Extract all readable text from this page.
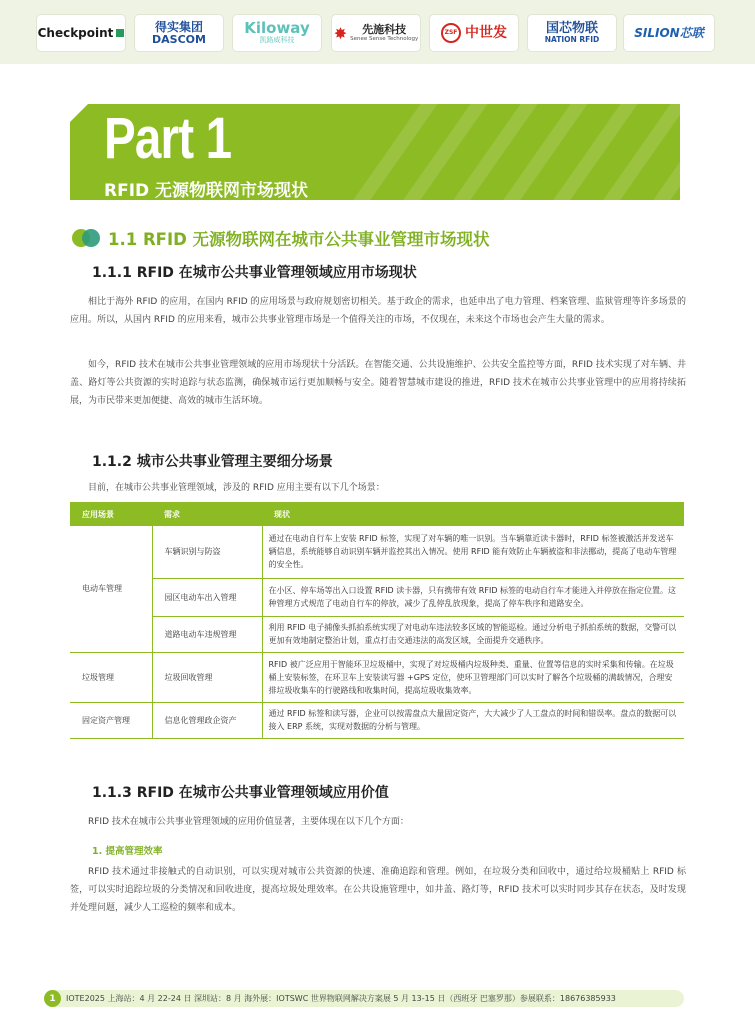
Checkpoint	得实集团
DASCOM
Kiloway
凯路威科技 ✸ 先施科技
Senee Sense Technology
ZSF 中世发	国芯物联
NATION RFID	SILION芯联
Part 1
RFID 无源物联网市场现状
1.1 RFID 无源物联网在城市公共事业管理市场现状
1.1.1 RFID 在城市公共事业管理领域应用市场现状
相比于海外 RFID 的应用，在国内 RFID 的应用场景与政府规划密切相关。基于政企的需求，也延申出了电力管理、档案管理、监狱管理等许多场景的应用。所以，从国内 RFID 的应用来看，城市公共事业管理市场是一个值得关注的市场，不仅现在，未来这个市场也会产生大量的需求。
如今，RFID 技术在城市公共事业管理领域的应用市场现状十分活跃。在智能交通、公共设施维护、公共安全监控等方面，RFID 技术实现了对车辆、井盖、路灯等公共资源的实时追踪与状态监测，确保城市运行更加顺畅与安全。随着智慧城市建设的推进，RFID 技术在城市公共事业管理中的应用将持续拓展，为市民带来更加便捷、高效的城市生活环境。
1.1.2 城市公共事业管理主要细分场景
目前，在城市公共事业管理领域，涉及的 RFID 应用主要有以下几个场景：
应用场景	需求	现状
电动车管理	车辆识别与防盗	通过在电动自行车上安装 RFID 标签，实现了对车辆的唯一识别。当车辆靠近读卡器时，RFID 标签被激活并发送车辆信息，系统能够自动识别车辆并监控其出入情况。使用 RFID 能有效防止车辆被盗和非法挪动，提高了电动车管理的安全性。
	园区电动车出入管理	在小区、停车场等出入口设置 RFID 读卡器，只有携带有效 RFID 标签的电动自行车才能进入并停放在指定位置。这种管理方式规范了电动自行车的停放，减少了乱停乱放现象，提高了停车秩序和道路安全。
	道路电动车违规管理	利用 RFID 电子捕像头抓拍系统实现了对电动车违法较多区域的智能巡检。通过分析电子抓拍系统的数据，交警可以更加有效地制定整治计划，重点打击交通违法的高发区域，全面提升交通秩序。
垃圾管理	垃圾回收管理	RFID 被广泛应用于智能环卫垃圾桶中，实现了对垃圾桶内垃圾种类、重量、位置等信息的实时采集和传输。在垃圾桶上安装标签，在环卫车上安装读写器 +GPS 定位，使环卫管理部门可以实时了解各个垃圾桶的满载情况，合理安排垃圾收集车的行驶路线和收集时间，提高垃圾收集效率。
固定资产管理	信息化管理政企资产	通过 RFID 标签和读写器，企业可以按需盘点大量固定资产，大大减少了人工盘点的时间和错误率。盘点的数据可以接入 ERP 系统，实现对数据的分析与管理。
1.1.3 RFID 在城市公共事业管理领域应用价值
RFID 技术在城市公共事业管理领域的应用价值显著，主要体现在以下几个方面：
1. 提高管理效率
RFID 技术通过非接触式的自动识别，可以实现对城市公共资源的快速、准确追踪和管理。例如，在垃圾分类和回收中，通过给垃圾桶贴上 RFID 标签，可以实时追踪垃圾的分类情况和回收进度，提高垃圾处理效率。在公共设施管理中，如井盖、路灯等，RFID 技术可以实时同步其存在状态，及时发现并处理问题，减少人工巡检的频率和成本。
1	IOTE2025 上海站：4 月 22-24 日 深圳站：8 月 海外展：IOTSWC 世界物联网解决方案展 5 月 13-15 日（西班牙 巴塞罗那）参展联系：18676385933
